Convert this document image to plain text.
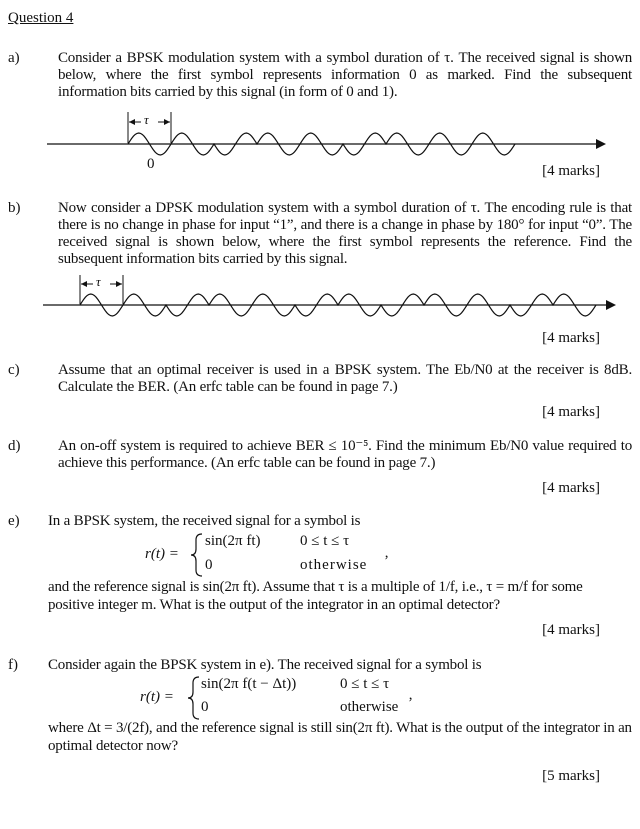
Question 4
a)	Consider a BPSK modulation system with a symbol duration of τ. The received signal is shown below, where the first symbol represents information 0 as marked. Find the subsequent information bits carried by this signal (in form of 0 and 1).
τ
0	[4 marks]
b)	Now consider a DPSK modulation system with a symbol duration of τ. The encoding rule is that there is no change in phase for input “1”, and there is a change in phase by 180° for input “0”. The received signal is shown below, where the first symbol represents the reference. Find the subsequent information bits carried by this signal.
τ
[4 marks]
c)	Assume that an optimal receiver is used in a BPSK system. The Eb/N0 at the receiver is 8dB. Calculate the BER. (An erfc table can be found in page 7.)
[4 marks]
d)	An on-off system is required to achieve BER ≤ 10⁻⁵. Find the minimum Eb/N0 value required to achieve this performance. (An erfc table can be found in page 7.)
[4 marks]
e) In a BPSK system, the received signal for a symbol is
r(t) =
sin(2π ft)	0 ≤ t ≤ τ
0	otherwise ’
and the reference signal is sin(2π ft). Assume that τ is a multiple of 1/f, i.e., τ = m/f for some positive integer m. What is the output of the integrator in an optimal detector?
[4 marks]
f) Consider again the BPSK system in e). The received signal for a symbol is
r(t) =
sin(2π f(t − Δt))	0 ≤ t ≤ τ
0	otherwise ’
where Δt = 3/(2f), and the reference signal is still sin(2π ft). What is the output of the integrator in an optimal detector now?
[5 marks]
